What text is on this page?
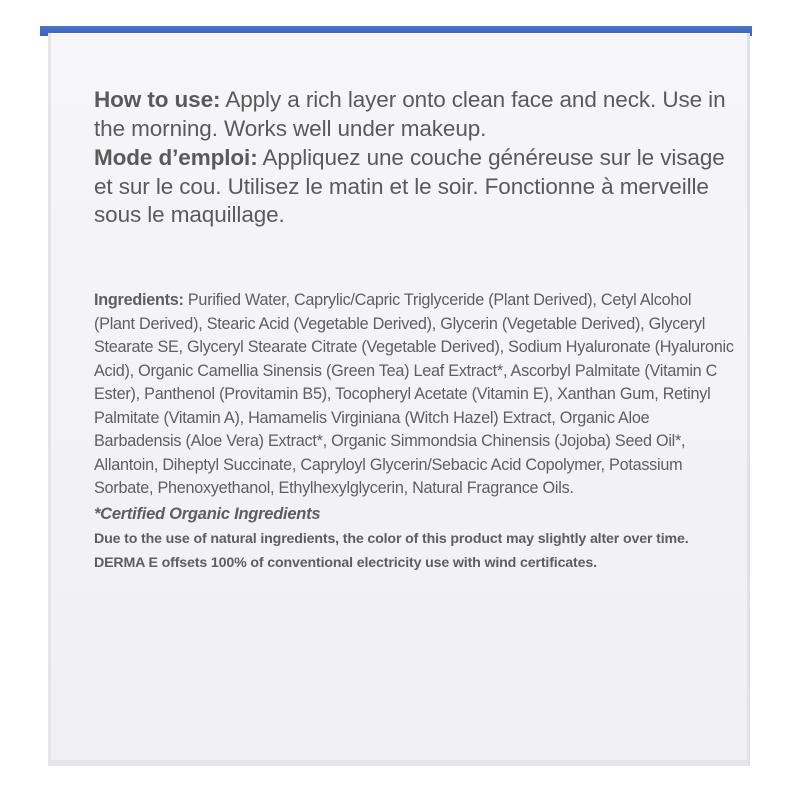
How to use: Apply a rich layer onto clean face and neck. Use in the morning. Works well under makeup.

Mode d’emploi: Appliquez une couche généreuse sur le visage et sur le cou. Utilisez le matin et le soir. Fonctionne à merveille sous le maquillage.

Ingredients: Purified Water, Caprylic/Capric Triglyceride (Plant Derived), Cetyl Alcohol (Plant Derived), Stearic Acid (Vegetable Derived), Glycerin (Vegetable Derived), Glyceryl Stearate SE, Glyceryl Stearate Citrate (Vegetable Derived), Sodium Hyaluronate (Hyaluronic Acid), Organic Camellia Sinensis (Green Tea) Leaf Extract*, Ascorbyl Palmitate (Vitamin C Ester), Panthenol (Provitamin B5), Tocopheryl Acetate (Vitamin E), Xanthan Gum, Retinyl Palmitate (Vitamin A), Hamamelis Virginiana (Witch Hazel) Extract, Organic Aloe Barbadensis (Aloe Vera) Extract*, Organic Simmondsia Chinensis (Jojoba) Seed Oil*, Allantoin, Diheptyl Succinate, Capryloyl Glycerin/Sebacic Acid Copolymer, Potassium Sorbate, Phenoxyethanol, Ethylhexylglycerin, Natural Fragrance Oils.

*Certified Organic Ingredients

Due to the use of natural ingredients, the color of this product may slightly alter over time.

DERMA E offsets 100% of conventional electricity use with wind certificates.
